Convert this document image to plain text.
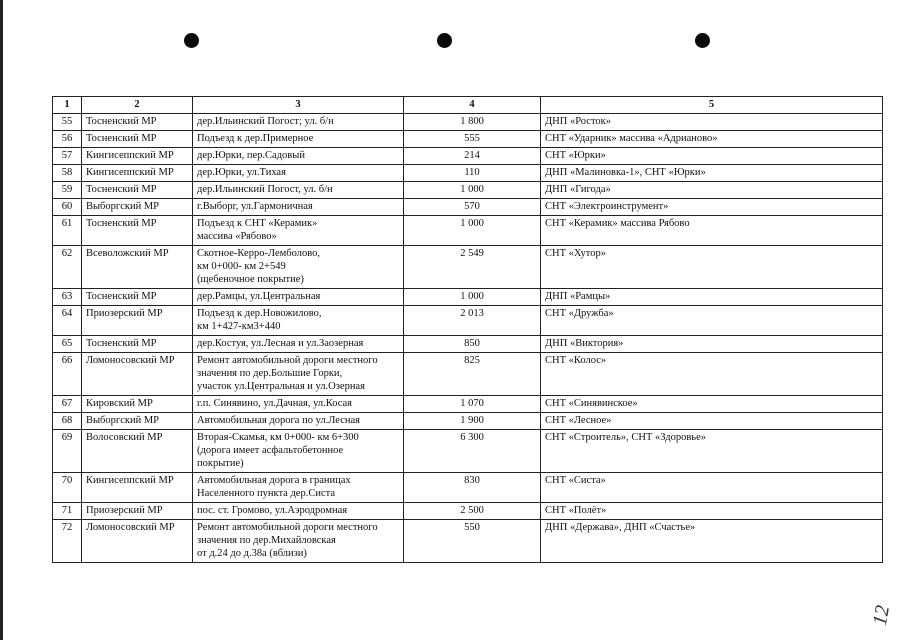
1	2	3	4	5
55	Тосненский МР	дер.Ильинский Погост; ул. б/н	1 800	ДНП «Росток»
56	Тосненский МР	Подъезд к дер.Примерное	555	СНТ «Ударник» массива «Адрианово»
57	Кингисеппский МР	дер.Юрки, пер.Садовый	214	СНТ «Юрки»
58	Кингисеппский МР	дер.Юрки, ул.Тихая	110	ДНП «Малиновка-1», СНТ «Юрки»
59	Тосненский МР	дер.Ильинский Погост, ул. б/н	1 000	ДНП «Гигода»
60	Выборгский МР	г.Выборг, ул.Гармоничная	570	СНТ «Электроинструмент»
61	Тосненский МР	Подъезд к СНТ «Керамик»
массива «Рябово»	1 000	СНТ «Керамик» массива Рябово
62	Всеволожский МР	Скотное-Керро-Лемболово,
км 0+000- км 2+549
(щебеночное покрытие)	2 549	СНТ «Хутор»
63	Тосненский МР	дер.Рамцы, ул.Центральная	1 000	ДНП «Рамцы»
64	Приозерский МР	Подъезд к дер.Новожилово,
км 1+427-км3+440	2 013	СНТ «Дружба»
65	Тосненский МР	дер.Костуя, ул.Лесная и ул.Заозерная	850	ДНП «Виктория»
66	Ломоносовский МР	Ремонт автомобильной дороги местного
значения по дер.Большие Горки,
участок ул.Центральная и ул.Озерная	825	СНТ «Колос»
67	Кировский МР	г.п. Синявино, ул.Дачная, ул.Косая	1 070	СНТ «Синявинское»
68	Выборгский МР	Автомобильная дорога по ул.Лесная	1 900	СНТ «Лесное»
69	Волосовский МР	Вторая-Скамья, км 0+000- км 6+300
(дорога имеет асфальтобетонное
покрытие)	6 300	СНТ «Строитель», СНТ «Здоровье»
70	Кингисеппский МР	Автомобильная дорога в границах
Населенного пункта дер.Систа	830	СНТ «Систа»
71	Приозерский МР	пос. ст. Громово, ул.Аэродромная	2 500	СНТ «Полёт»
72	Ломоносовский МР	Ремонт автомобильной дороги местного
значения по дер.Михайловская
от д.24 до д.38а (вблизи)	550	ДНП «Держава», ДНП «Счастье»
12
